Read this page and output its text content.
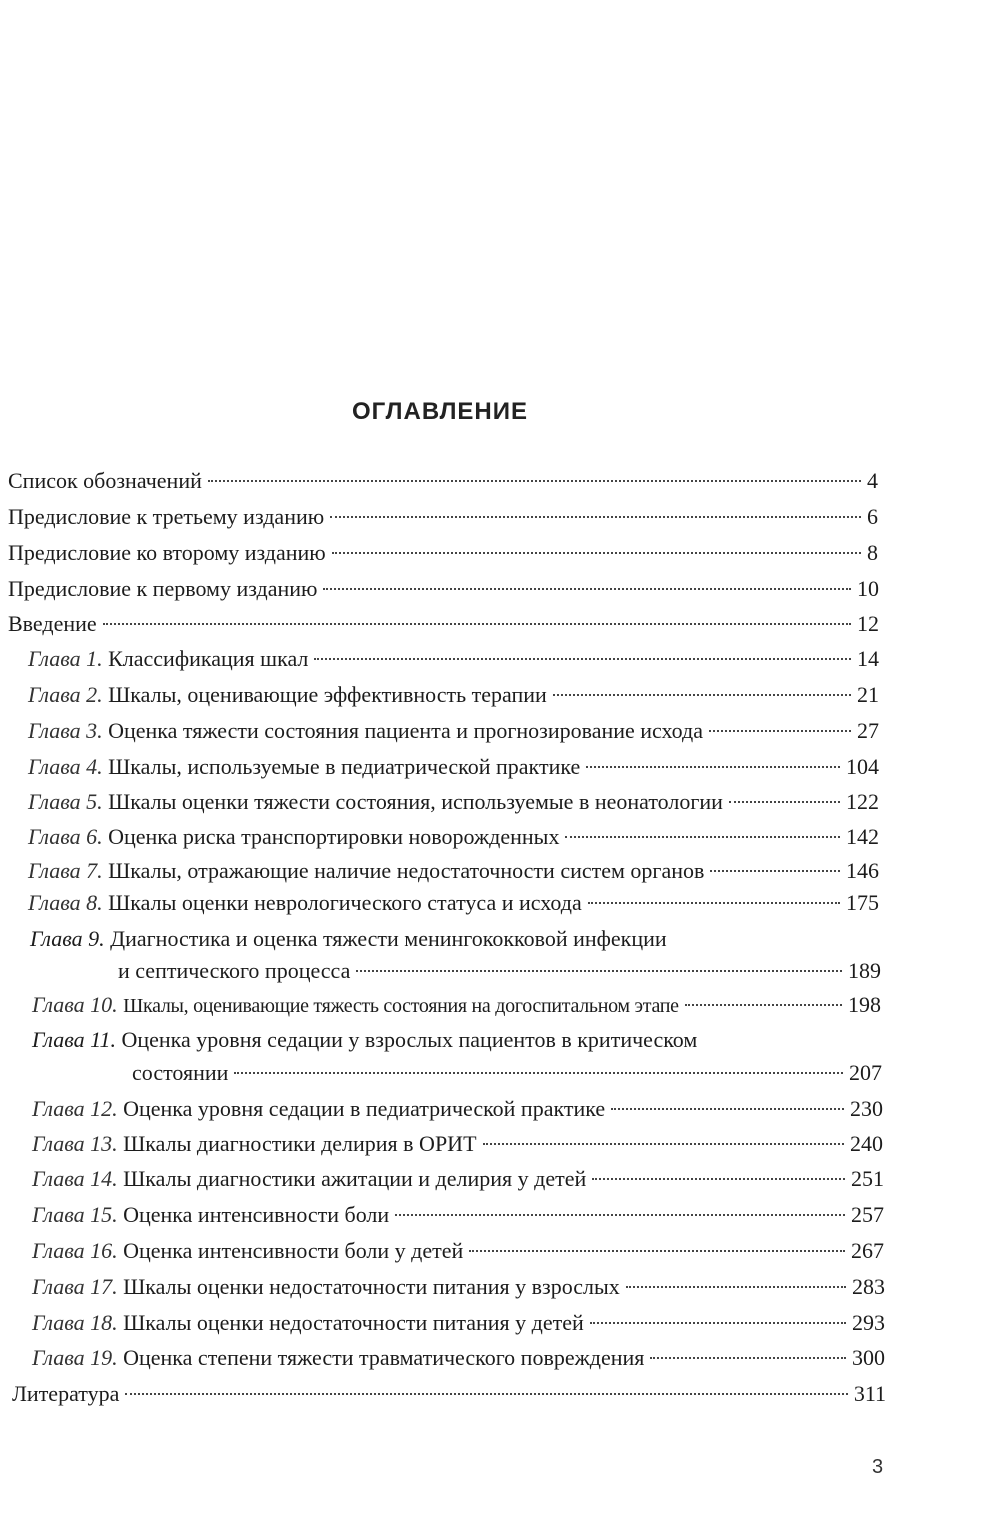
ОГЛАВЛЕНИЕ
Список обозначений	4
Предисловие к третьему изданию	6
Предисловие ко второму изданию	8
Предисловие к первому изданию	10
Введение	12
Глава 1. Классификация шкал	14
Глава 2. Шкалы, оценивающие эффективность терапии	21
Глава 3. Оценка тяжести состояния пациента и прогнозирование исхода	27
Глава 4. Шкалы, используемые в педиатрической практике	104
Глава 5. Шкалы оценки тяжести состояния, используемые в неонатологии	122
Глава 6. Оценка риска транспортировки новорожденных	142
Глава 7. Шкалы, отражающие наличие недостаточности систем органов	146
Глава 8. Шкалы оценки неврологического статуса и исхода	175
Глава 9. Диагностика и оценка тяжести менингококковой инфекции
и септического процесса	189
Глава 10. Шкалы, оценивающие тяжесть состояния на догоспитальном этапе	198
Глава 11. Оценка уровня седации у взрослых пациентов в критическом
состоянии	207
Глава 12. Оценка уровня седации в педиатрической практике	230
Глава 13. Шкалы диагностики делирия в ОРИТ	240
Глава 14. Шкалы диагностики ажитации и делирия у детей	251
Глава 15. Оценка интенсивности боли	257
Глава 16. Оценка интенсивности боли у детей	267
Глава 17. Шкалы оценки недостаточности питания у взрослых	283
Глава 18. Шкалы оценки недостаточности питания у детей	293
Глава 19. Оценка степени тяжести травматического повреждения	300
Литература	311
3
